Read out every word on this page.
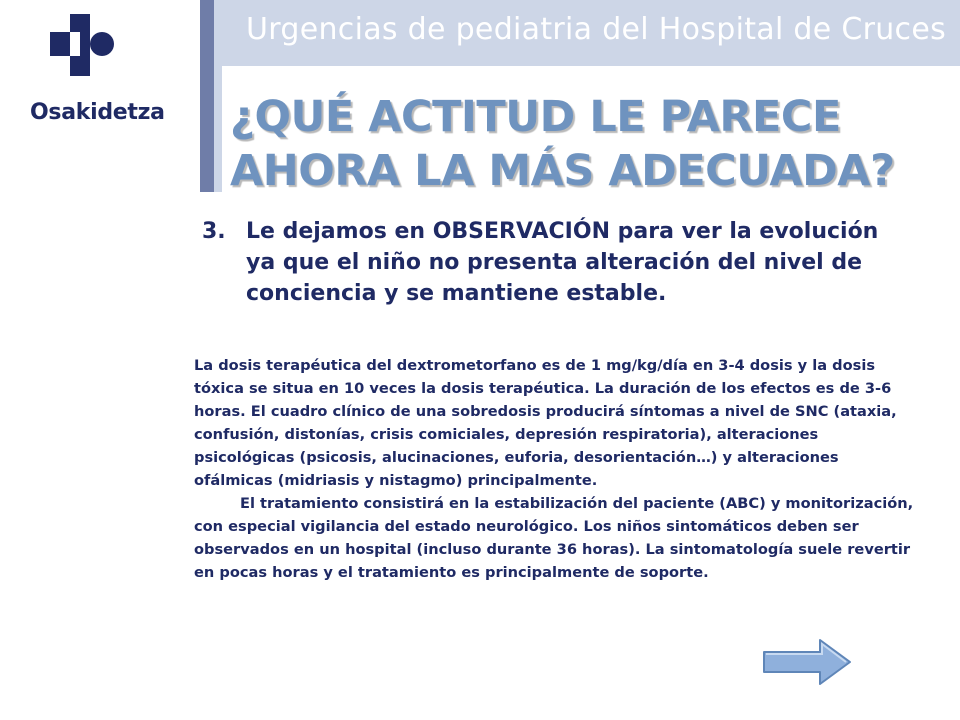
Urgencias de pediatria del Hospital de Cruces
Osakidetza ¿QUÉ ACTITUD LE PARECE
AHORA LA MÁS ADECUADA?
3. Le dejamos en OBSERVACIÓN para ver la evolución ya que el niño no presenta alteración del nivel de conciencia y se mantiene estable.

La dosis terapéutica del dextrometorfano es de 1 mg/kg/día en 3-4 dosis y la dosis tóxica se situa en 10 veces la dosis terapéutica. La duración de los efectos es de 3-6 horas. El cuadro clínico de una sobredosis producirá síntomas a nivel de SNC (ataxia, confusión, distonías, crisis comiciales, depresión respiratoria), alteraciones psicológicas (psicosis, alucinaciones, euforia, desorientación…) y alteraciones ofálmicas (midriasis y nistagmo) principalmente.

El tratamiento consistirá en la estabilización del paciente (ABC) y monitorización, con especial vigilancia del estado neurológico. Los niños sintomáticos deben ser observados en un hospital (incluso durante 36 horas). La sintomatología suele revertir en pocas horas y el tratamiento es principalmente de soporte.
